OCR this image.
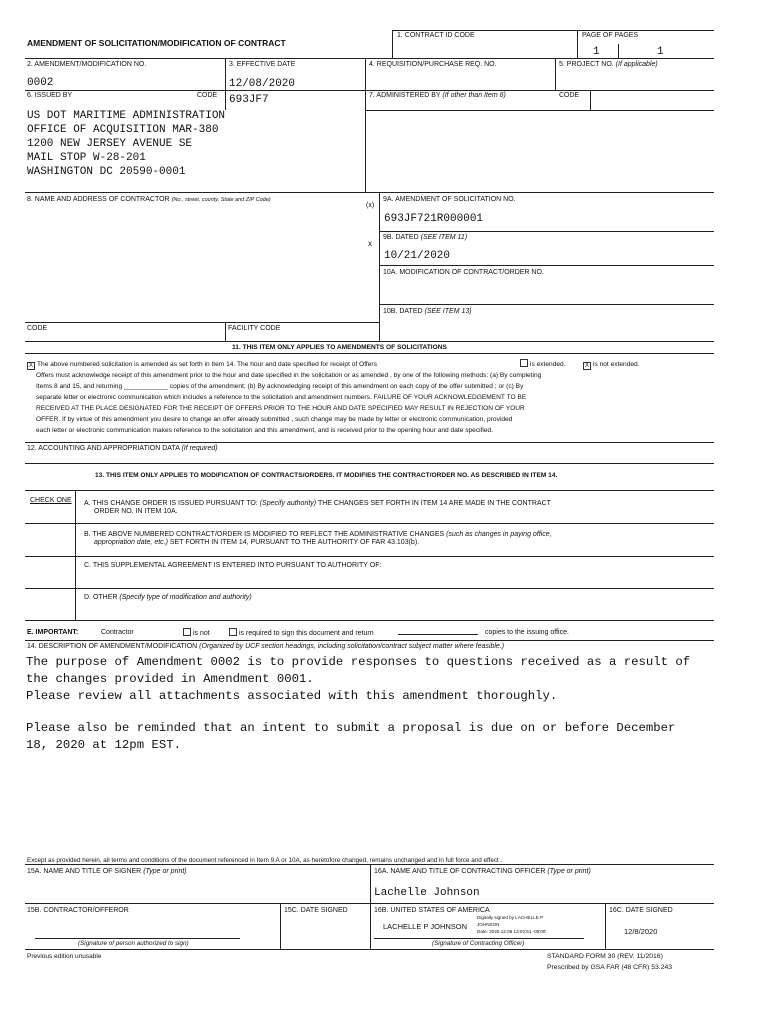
AMENDMENT OF SOLICITATION/MODIFICATION OF CONTRACT
1. CONTRACT ID CODE	PAGE OF PAGES
1	1
2. AMENDMENT/MODIFICATION NO.
0002
3. EFFECTIVE DATE
12/08/2020
4. REQUISITION/PURCHASE REQ. NO.	5. PROJECT NO. (If applicable)
6. ISSUED BY	CODE 693JF7	7. ADMINISTERED BY (If other than Item 6)	CODE
US DOT MARITIME ADMINISTRATION
OFFICE OF ACQUISITION MAR-380
1200 NEW JERSEY AVENUE SE
MAIL STOP W-28-201
WASHINGTON DC 20590-0001
8. NAME AND ADDRESS OF CONTRACTOR (No., street, county, State and ZIP Code)
(x)
9A. AMENDMENT OF SOLICITATION NO.
693JF721R000001
x
9B. DATED (SEE ITEM 11)
10/21/2020
10A. MODIFICATION OF CONTRACT/ORDER NO.
10B. DATED (SEE ITEM 13)
CODE	FACILITY CODE
11. THIS ITEM ONLY APPLIES TO AMENDMENTS OF SOLICITATIONS
X The above numbered solicitation is amended as set forth in Item 14. The hour and date specified for receipt of Offers	is extended.	X is not extended.
Offers must acknowledge receipt of this amendment prior to the hour and date specified in the solicitation or as amended , by one of the following methods: (a) By completing
Items 8 and 15, and returning ____________ copies of the amendment; (b) By acknowledging receipt of this amendment on each copy of the offer submitted ; or (c) By
separate letter or electronic communication which includes a reference to the solicitation and amendment numbers. FAILURE OF YOUR ACKNOWLEDGEMENT TO BE
RECEIVED AT THE PLACE DESIGNATED FOR THE RECEIPT OF OFFERS PRIOR TO THE HOUR AND DATE SPECIFIED MAY RESULT IN REJECTION OF YOUR
OFFER. If by virtue of this amendment you desire to change an offer already submitted , such change may be made by letter or electronic communication, provided
each letter or electronic communication makes reference to the solicitation and this amendment, and is received prior to the opening hour and date specified.
12. ACCOUNTING AND APPROPRIATION DATA (If required)
13. THIS ITEM ONLY APPLIES TO MODIFICATION OF CONTRACTS/ORDERS. IT MODIFIES THE CONTRACT/ORDER NO. AS DESCRIBED IN ITEM 14.
CHECK ONE A. THIS CHANGE ORDER IS ISSUED PURSUANT TO: (Specify authority) THE CHANGES SET FORTH IN ITEM 14 ARE MADE IN THE CONTRACT
ORDER NO. IN ITEM 10A.
B. THE ABOVE NUMBERED CONTRACT/ORDER IS MODIFIED TO REFLECT THE ADMINISTRATIVE CHANGES (such as changes in paying office,
appropriation date, etc.) SET FORTH IN ITEM 14, PURSUANT TO THE AUTHORITY OF FAR 43.103(b).
C. THIS SUPPLEMENTAL AGREEMENT IS ENTERED INTO PURSUANT TO AUTHORITY OF:
D. OTHER (Specify type of modification and authority)
E. IMPORTANT:	Contractor	is not	is required to sign this document and return	copies to the issuing office.
14. DESCRIPTION OF AMENDMENT/MODIFICATION (Organized by UCF section headings, including solicitation/contract subject matter where feasible.)
The purpose of Amendment 0002 is to provide responses to questions received as a result of
the changes provided in Amendment 0001.
Please review all attachments associated with this amendment thoroughly.
Please also be reminded that an intent to submit a proposal is due on or before December
18, 2020 at 12pm EST.
Except as provided herein, all terms and conditions of the document referenced in Item 9 A or 10A, as heretofore changed, remains unchanged and in full force and effect .
15A. NAME AND TITLE OF SIGNER (Type or print)	16A. NAME AND TITLE OF CONTRACTING OFFICER (Type or print)
Lachelle Johnson
15B. CONTRACTOR/OFFEROR	15C. DATE SIGNED	16B. UNITED STATES OF AMERICA	16C. DATE SIGNED
LACHELLE P JOHNSON
Digitally signed by LACHELLE P
JOHNSON
Date: 2020.12.08 13:02:51 -05'00'	12/8/2020
(Signature of person authorized to sign)	(Signature of Contracting Officer)
Previous edition unusable	STANDARD FORM 30 (REV. 11/2016)
Prescribed by GSA FAR (48 CFR) 53.243
